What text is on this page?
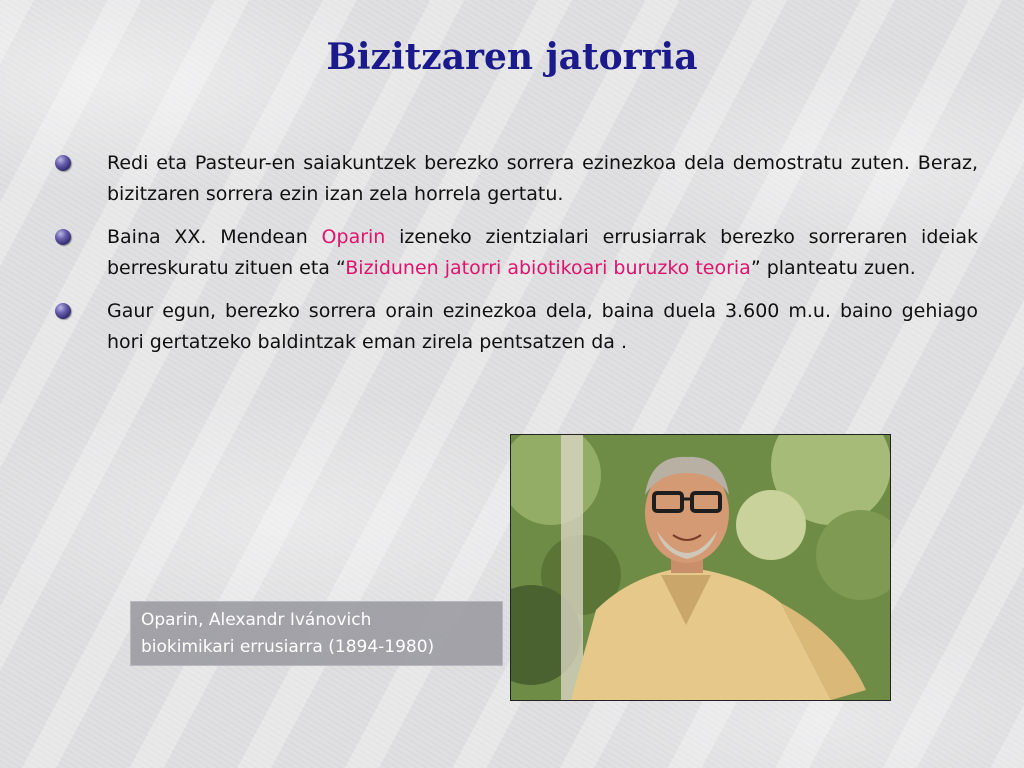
Bizitzaren jatorria
Redi eta Pasteur-en saiakuntzek berezko sorrera ezinezkoa dela demostratu zuten. Beraz, bizitzaren sorrera ezin izan zela horrela gertatu.
Baina XX. Mendean Oparin izeneko zientzialari errusiarrak berezko sorreraren ideiak berreskuratu zituen eta “Bizidunen jatorri abiotikoari buruzko teoria” planteatu zuen.
Gaur egun, berezko sorrera orain ezinezkoa dela, baina duela 3.600 m.u. baino gehiago hori gertatzeko baldintzak eman zirela pentsatzen da .
Oparin, Alexandr Ivánovich
biokimikari errusiarra (1894-1980)
